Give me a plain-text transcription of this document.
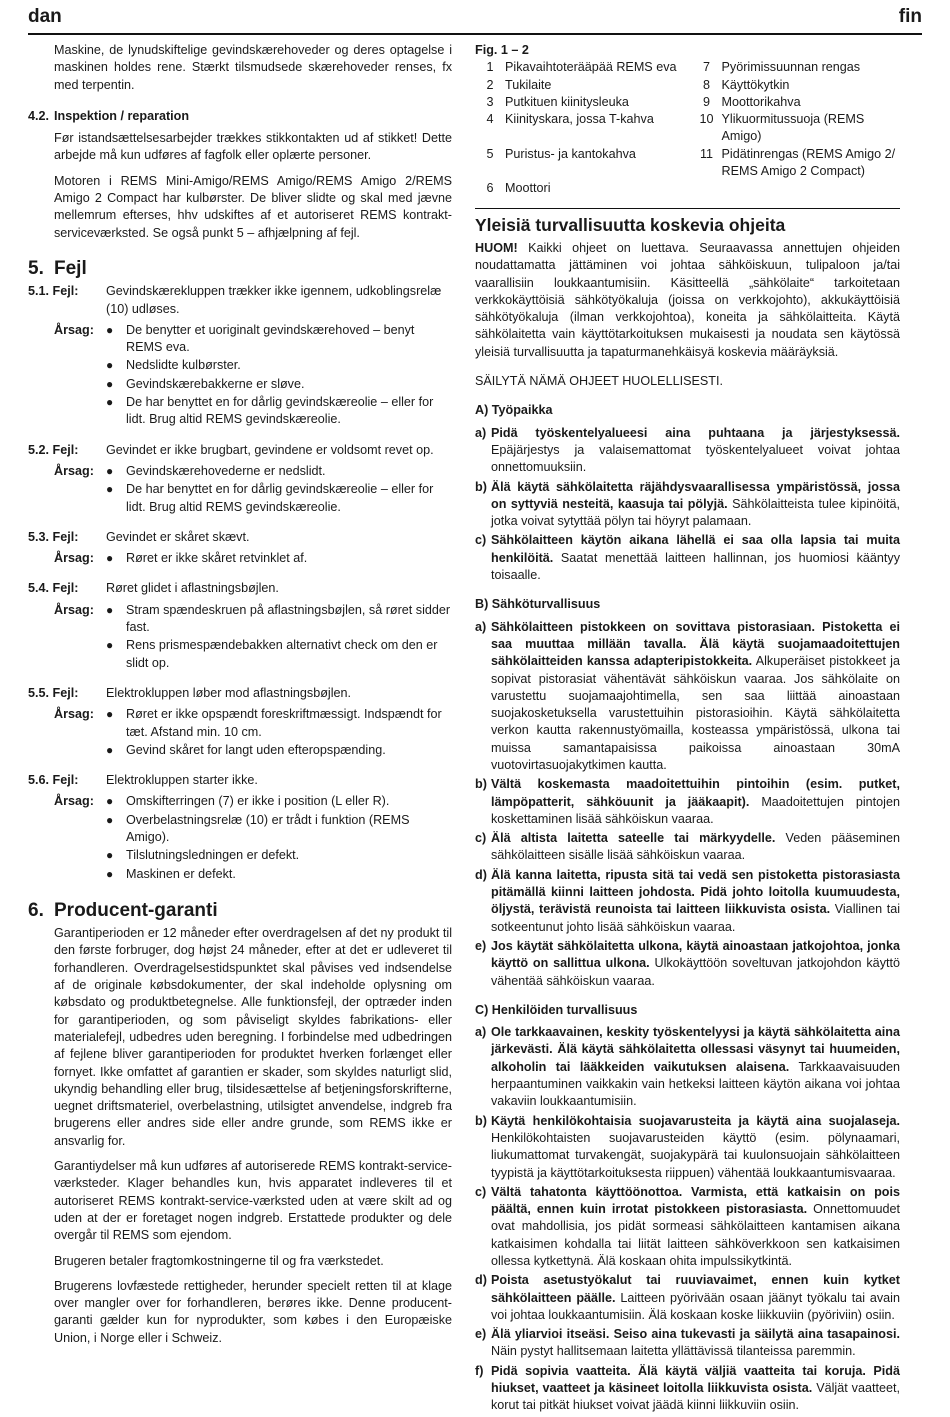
dan	fin

Maskine, de lynudskiftelige gevindskærehoveder og deres optagelse i maskinen holdes rene. Stærkt tilsmudsede skærehoveder renses, fx med terpentin.

4.2. Inspektion / reparation

Før istandsættelsesarbejder trækkes stikkontakten ud af stikket! Dette arbejde må kun udføres af fagfolk eller oplærte personer.

Motoren i REMS Mini-Amigo/REMS Amigo/REMS Amigo 2/REMS Amigo 2 Compact har kulbørster. De bliver slidte og skal med jævne mellemrum efterses, hhv udskiftes af et autoriseret REMS kontrakt-serviceværksted. Se også punkt 5 – afhjælpning af fejl.

5. Fejl
5.1. Fejl:	Gevindskærekluppen trækker ikke igennem, udkoblingsrelæ (10) udløses.
Årsag:	● De benytter et uoriginalt gevindskærehoved – benyt REMS eva.
● Nedslidte kulbørster.
● Gevindskærebakkerne er sløve.
● De har benyttet en for dårlig gevindskæreolie – eller for lidt. Brug altid REMS gevindskæreolie.
5.2. Fejl:	Gevindet er ikke brugbart, gevindene er voldsomt revet op.
Årsag:	● Gevindskærehovederne er nedslidt.
● De har benyttet en for dårlig gevindskæreolie – eller for lidt. Brug altid REMS gevindskæreolie.
5.3. Fejl:	Gevindet er skåret skævt.
Årsag:	● Røret er ikke skåret retvinklet af.
5.4. Fejl:	Røret glidet i aflastningsbøjlen.
Årsag:	● Stram spændeskruen på aflastningsbøjlen, så røret sidder fast.
● Rens prismespændebakken alternativt check om den er slidt op.
5.5. Fejl:	Elektrokluppen løber mod aflastningsbøjlen.
Årsag:	● Røret er ikke opspændt foreskriftmæssigt. Indspændt for tæt. Afstand min. 10 cm.
● Gevind skåret for langt uden efteropspænding.
5.6. Fejl:	Elektrokluppen starter ikke.
Årsag:	● Omskifterringen (7) er ikke i position (L eller R).
● Overbelastningsrelæ (10) er trådt i funktion (REMS Amigo).
● Tilslutningsledningen er defekt.
● Maskinen er defekt.
6. Producent-garanti

Garantiperioden er 12 måneder efter overdragelsen af det ny produkt til den første forbruger, dog højst 24 måneder, efter at det er udleveret til forhandleren. Overdragelsestidspunktet skal påvises ved indsendelse af de originale købsdokumenter, der skal indeholde oplysning om købsdato og produktbetegnelse. Alle funktionsfejl, der optræder inden for garantiperioden, og som påviseligt skyldes fabrikations- eller materialefejl, udbedres uden beregning. I forbindelse med udbedringen af fejlene bliver garantiperioden for produktet hverken forlænget eller fornyet. Ikke omfattet af garantien er skader, som skyldes naturligt slid, ukyndig behandling eller brug, tilsidesættelse af betjeningsforskrifterne, uegnet driftsmateriel, overbelastning, utilsigtet anvendelse, indgreb fra brugerens eller andres side eller andre grunde, som REMS ikke er ansvarlig for.

Garantiydelser må kun udføres af autoriserede REMS kontrakt-service-værksteder. Klager behandles kun, hvis apparatet indleveres til et autoriseret REMS kontrakt-service-værksted uden at være skilt ad og uden at der er foretaget nogen indgreb. Erstattede produkter og dele overgår til REMS som ejendom.

Brugeren betaler fragtomkostningerne til og fra værkstedet.

Brugerens lovfæstede rettigheder, herunder specielt retten til at klage over mangler over for forhandleren, berøres ikke. Denne producent-garanti gælder kun for nyprodukter, som købes i den Europæiske Union, i Norge eller i Schweiz.

Fig. 1 – 2
1 Pikavaihtoterääpää REMS eva	7 Pyörimissuunnan rengas
2 Tukilaite	8 Käyttökytkin
3 Putkituen kiinityslеuka	9 Moottorikahva
4 Kiinityskara, jossa T-kahva	10 Ylikuormitussuoja (REMS Amigo)
5 Puristus- ja kantokahva	11 Pidätinrengas (REMS Amigo 2/ REMS Amigo 2 Compact)
6 Moottori
Yleisiä turvallisuutta koskevia ohjeita

HUOM! Kaikki ohjeet on luettava. Seuraavassa annettujen ohjeiden noudattamatta jättäminen voi johtaa sähköiskuun, tulipaloon ja/tai vaarallisiin loukkaantumisiin. Käsitteellä „sähkölaite“ tarkoitetaan verkkokäyttöisiä sähkötyökaluja (joissa on verkkojohto), akkukäyttöisiä sähkötyökaluja (ilman verkkojohtoa), koneita ja sähkölaitteita. Käytä sähkölaitetta vain käyttötarkoituksen mukaisesti ja noudata sen käytössä yleisiä turvallisuutta ja tapaturmanehkäisyä koskevia määräyksiä.

SÄILYTÄ NÄMÄ OHJEET HUOLELLISESTI.

A) Työpaikka
a) Pidä työskentelyalueesi aina puhtaana ja järjestyksessä. Epäjärjestys ja valaisemattomat työskentelyalueet voivat johtaa onnettomuuksiin.
b) Älä käytä sähkölaitetta räjähdysvaarallisessa ympäristössä, jossa on syttyviä nesteitä, kaasuja tai pölyjä. Sähkölaitteista tulee kipinöitä, jotka voivat sytyttää pölyn tai höyryt palamaan.
c) Sähkölaitteen käytön aikana lähellä ei saa olla lapsia tai muita henkilöitä. Saatat menettää laitteen hallinnan, jos huomiosi kääntyy toisaalle.
B) Sähköturvallisuus
a) Sähkölaitteen pistokkeen on sovittava pistorasiaan. Pistoketta ei saa muuttaa millään tavalla. Älä käytä suojamaadoitettujen sähkölaitteiden kanssa adapteripistokkeita. Alkuperäiset pistokkeet ja sopivat pistorasiat vähentävät sähköiskun vaaraa. Jos sähkölaite on varustettu suojamaajohtimella, sen saa liittää ainoastaan suojakosketuksella varustettuihin pistorasioihin. Käytä sähkölaitetta verkon kautta rakennustyömailla, kosteassa ympäristössä, ulkona tai muissa samantapaisissa paikoissa ainoastaan 30mA vuotovirtasuojakytkimen kautta.
b) Vältä koskemasta maadoitettuihin pintoihin (esim. putket, lämpöpatterit, sähköuunit ja jääkaapit). Maadoitettujen pintojen koskettaminen lisää sähköiskun vaaraa.
c) Älä altista laitetta sateelle tai märkyydelle. Veden pääseminen sähkölaitteen sisälle lisää sähköiskun vaaraa.
d) Älä kanna laitetta, ripusta sitä tai vedä sen pistoketta pistorasiasta pitämällä kiinni laitteen johdosta. Pidä johto loitolla kuumuudesta, öljystä, terävistä reunoista tai laitteen liikkuvista osista. Viallinen tai sotkeentunut johto lisää sähköiskun vaaraa.
e) Jos käytät sähkölaitetta ulkona, käytä ainoastaan jatkojohtoa, jonka käyttö on sallittua ulkona. Ulkokäyttöön soveltuvan jatkojohdon käyttö vähentää sähköiskun vaaraa.
C) Henkilöiden turvallisuus
a) Ole tarkkaavainen, keskity työskentelyysi ja käytä sähkölaitetta aina järkevästi. Älä käytä sähkölaitetta ollessasi väsynyt tai huumeiden, alkoholin tai lääkkeiden vaikutuksen alaisena. Tarkkaavaisuuden herpaantuminen vaikkakin vain hetkeksi laitteen käytön aikana voi johtaa vakaviin loukkaantumisiin.
b) Käytä henkilökohtaisia suojavarusteita ja käytä aina suojalaseja. Henkilökohtaisten suojavarusteiden käyttö (esim. pölynaamari, liukumattomat turvakengät, suojakypärä tai kuulonsuojain sähkölaitteen tyypistä ja käyttötarkoituksesta riippuen) vähentää loukkaantumisvaaraa.
c) Vältä tahatonta käyttöönottoa. Varmista, että katkaisin on pois päältä, ennen kuin irrotat pistokkeen pistorasiasta. Onnettomuudet ovat mahdollisia, jos pidät sormeasi sähkölaitteen kantamisen aikana katkaisimen kohdalla tai liität laitteen sähköverkkoon sen katkaisimen ollessa kytkettynä. Älä koskaan ohita impulssikytkintä.
d) Poista asetustyökalut tai ruuviavaimet, ennen kuin kytket sähkölaitteen päälle. Laitteen pyörivään osaan jäänyt työkalu tai avain voi johtaa loukkaantumisiin. Älä koskaan koske liikkuviin (pyöriviin) osiin.
e) Älä yliarvioi itseäsi. Seiso aina tukevasti ja säilytä aina tasapainosi. Näin pystyt hallitsemaan laitetta yllättävissä tilanteissa paremmin.
f) Pidä sopivia vaatteita. Älä käytä väljiä vaatteita tai koruja. Pidä hiukset, vaatteet ja käsineet loitolla liikkuvista osista. Väljät vaatteet, korut tai pitkät hiukset voivat jäädä kiinni liikkuviin osiin.
